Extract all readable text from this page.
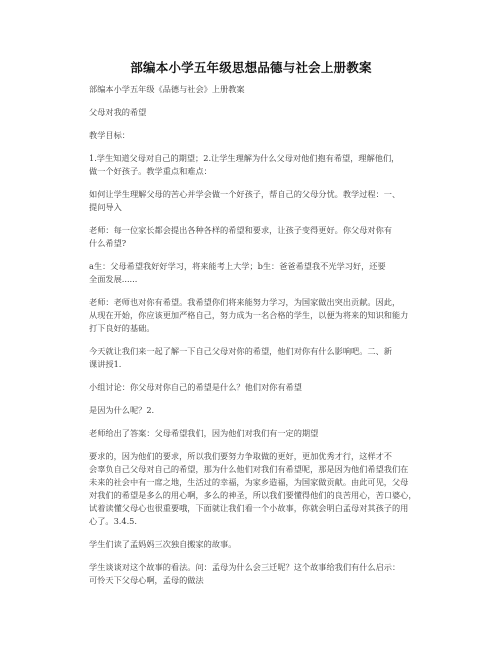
部编本小学五年级思想品德与社会上册教案
部编本小学五年级《品德与社会》上册教案
父母对我的希望
教学目标：
1.学生知道父母对自己的期望；2.让学生理解为什么父母对他们抱有希望，理解他们，
做一个好孩子。教学重点和难点：
如何让学生理解父母的苦心并学会做一个好孩子，帮自己的父母分忧。教学过程：一、
提问导入
老师：每一位家长都会提出各种各样的希望和要求，让孩子变得更好。你父母对你有
什么希望?
a生：父母希望我好好学习，将来能考上大学；b生：爸爸希望我不光学习好，还要
全面发展......
老师：老师也对你有希望。我希望你们将来能努力学习，为国家做出突出贡献。因此，
从现在开始，你应该更加严格自己，努力成为一名合格的学生，以便为将来的知识和能力
打下良好的基础。
今天就让我们来一起了解一下自己父母对你的希望，他们对你有什么影响吧。二、新
课讲授1.
小组讨论：你父母对你自己的希望是什么？他们对你有希望
是因为什么呢？2.
老师给出了答案：父母希望我们，因为他们对我们有一定的期望
要求的，因为他们的要求，所以我们要努力争取做的更好，更加优秀才行，这样才不
会辜负自己父母对自己的希望，那为什么他们对我们有希望呢，那是因为他们希望我们在
未来的社会中有一席之地，生活过的幸福，为家乡造福，为国家做贡献。由此可见，父母
对我们的希望是多么的用心啊，多么的神圣，所以我们要懂得他们的良苦用心，苦口婆心，
试着读懂父母心也很重要哦，下面就让我们看一个小故事，你就会明白孟母对其孩子的用
心了。3.4.5.
学生们读了孟妈妈三次独自搬家的故事。
学生谈谈对这个故事的看法。问：孟母为什么会三迁呢？这个故事给我们有什么启示：
可怜天下父母心啊，孟母的做法
